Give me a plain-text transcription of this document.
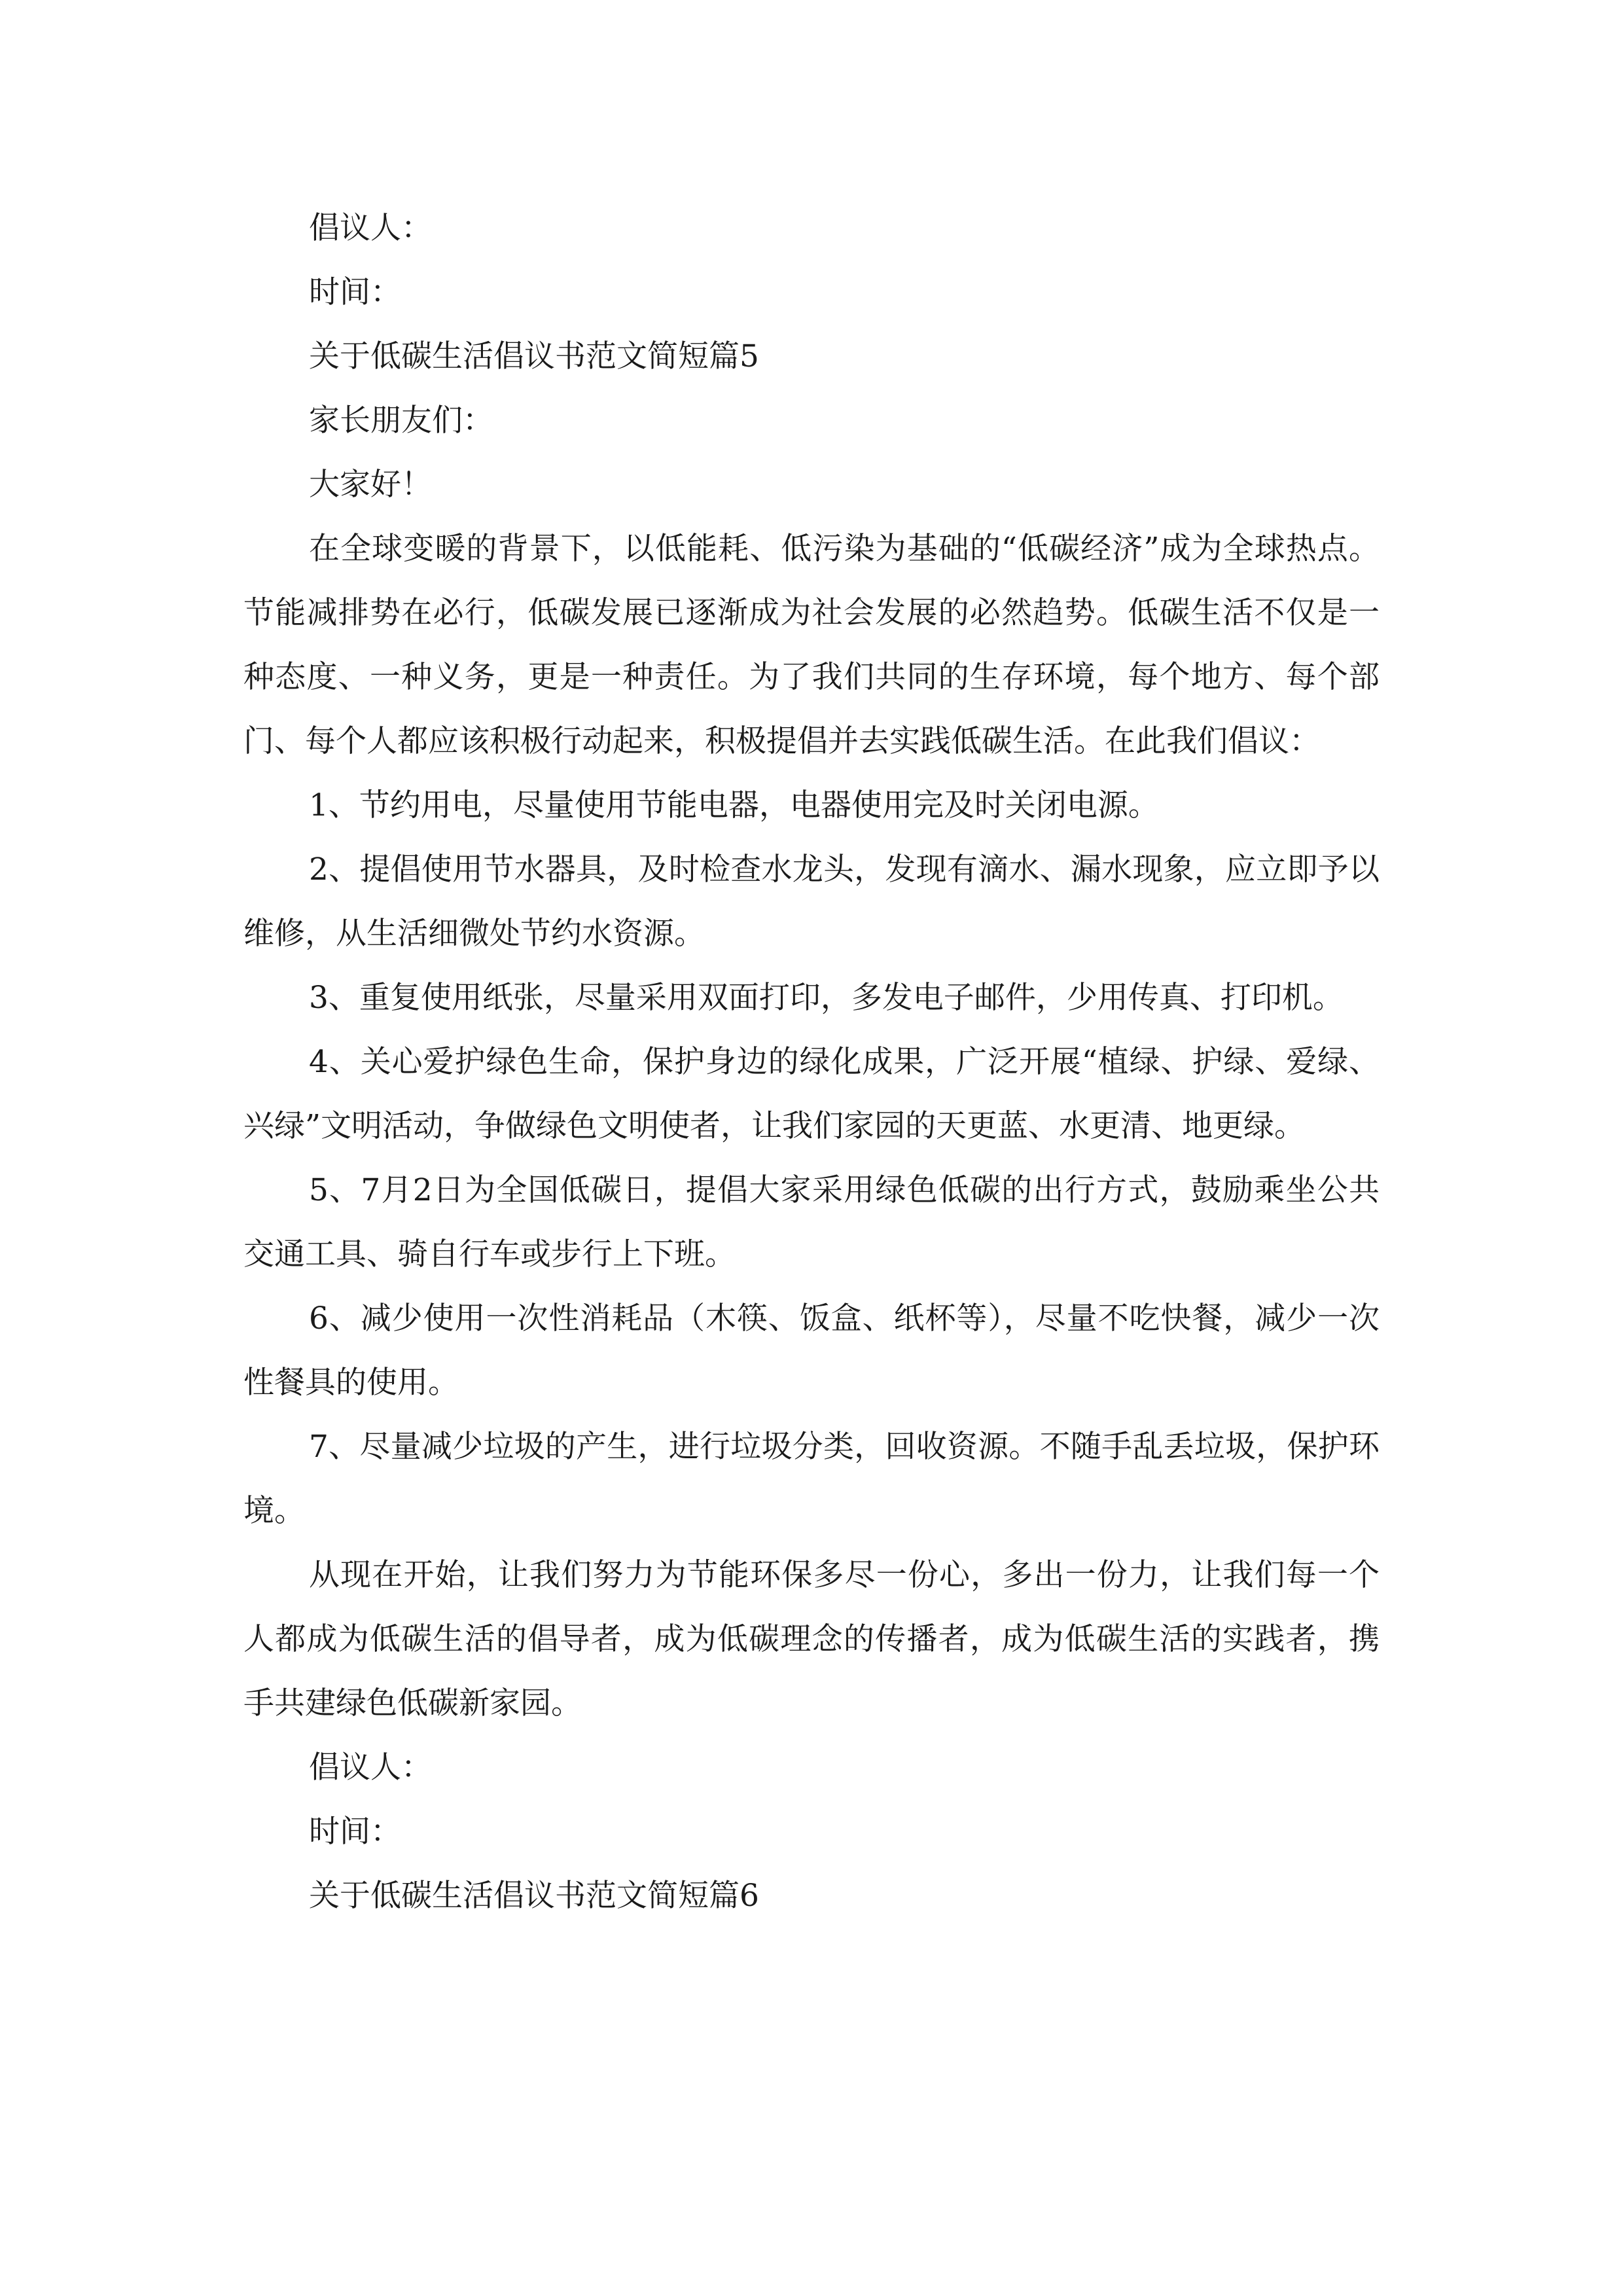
倡议人：

时间：

关于低碳生活倡议书范文简短篇5

家长朋友们：

大家好！

在全球变暖的背景下，以低能耗、低污染为基础的“低碳经济”成为全球热点。节能减排势在必行，低碳发展已逐渐成为社会发展的必然趋势。低碳生活不仅是一种态度、一种义务，更是一种责任。为了我们共同的生存环境，每个地方、每个部门、每个人都应该积极行动起来，积极提倡并去实践低碳生活。在此我们倡议：

1、节约用电，尽量使用节能电器，电器使用完及时关闭电源。

2、提倡使用节水器具，及时检查水龙头，发现有滴水、漏水现象，应立即予以维修，从生活细微处节约水资源。

3、重复使用纸张，尽量采用双面打印，多发电子邮件，少用传真、打印机。

4、关心爱护绿色生命，保护身边的绿化成果，广泛开展“植绿、护绿、爱绿、兴绿”文明活动，争做绿色文明使者，让我们家园的天更蓝、水更清、地更绿。

5、7月2日为全国低碳日，提倡大家采用绿色低碳的出行方式，鼓励乘坐公共交通工具、骑自行车或步行上下班。

6、减少使用一次性消耗品（木筷、饭盒、纸杯等），尽量不吃快餐，减少一次性餐具的使用。

7、尽量减少垃圾的产生，进行垃圾分类，回收资源。不随手乱丢垃圾，保护环境。

从现在开始，让我们努力为节能环保多尽一份心，多出一份力，让我们每一个人都成为低碳生活的倡导者，成为低碳理念的传播者，成为低碳生活的实践者，携手共建绿色低碳新家园。

倡议人：

时间：

关于低碳生活倡议书范文简短篇6
